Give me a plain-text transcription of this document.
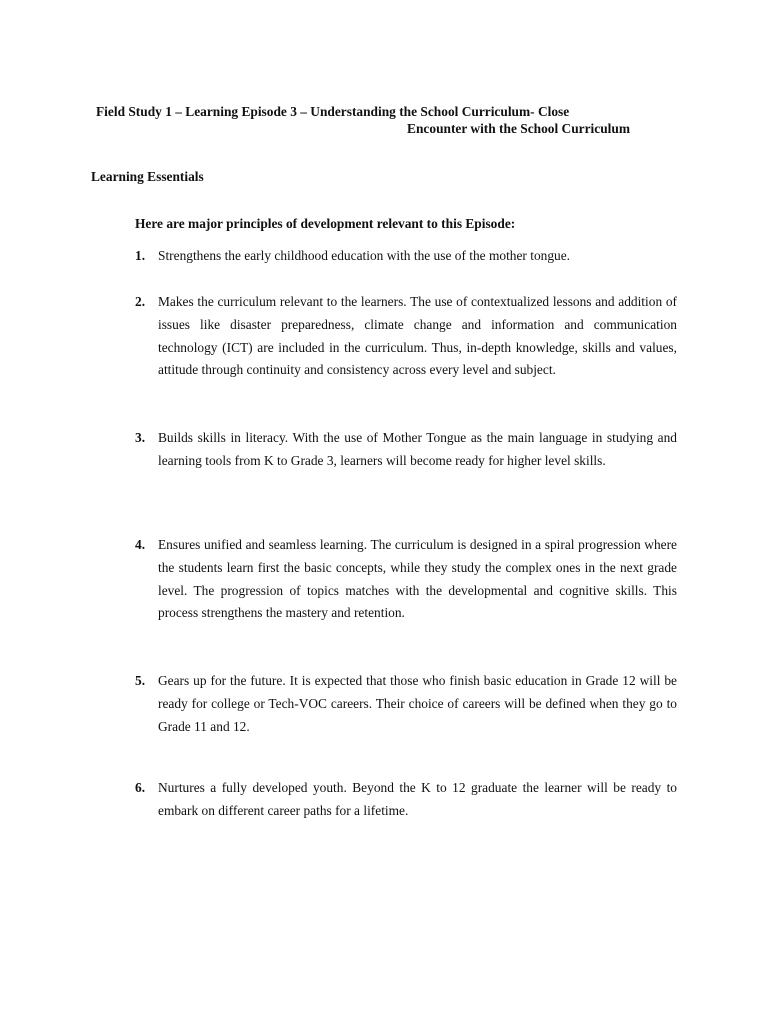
Field Study 1 – Learning Episode 3 – Understanding the School Curriculum- Close
Encounter with the School Curriculum
Learning Essentials

Here are major principles of development relevant to this Episode:

1. Strengthens the early childhood education with the use of the mother tongue.
2. Makes the curriculum relevant to the learners. The use of contextualized lessons and addition of issues like disaster preparedness, climate change and information and communication technology (ICT) are included in the curriculum. Thus, in-depth knowledge, skills and values, attitude through continuity and consistency across every level and subject.
3. Builds skills in literacy. With the use of Mother Tongue as the main language in studying and learning tools from K to Grade 3, learners will become ready for higher level skills.
4. Ensures unified and seamless learning. The curriculum is designed in a spiral progression where the students learn first the basic concepts, while they study the complex ones in the next grade level. The progression of topics matches with the developmental and cognitive skills. This process strengthens the mastery and retention.
5. Gears up for the future. It is expected that those who finish basic education in Grade 12 will be ready for college or Tech-VOC careers. Their choice of careers will be defined when they go to Grade 11 and 12.
6. Nurtures a fully developed youth. Beyond the K to 12 graduate the learner will be ready to embark on different career paths for a lifetime.
